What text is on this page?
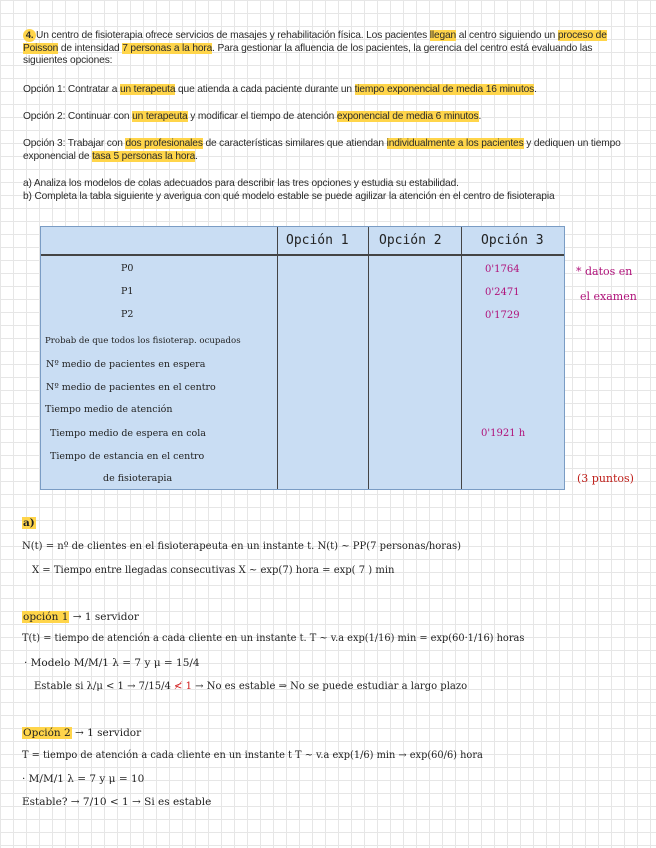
4. Un centro de fisioterapia ofrece servicios de masajes y rehabilitación física. Los pacientes llegan al centro siguiendo un proceso de Poisson de intensidad 7 personas a la hora. Para gestionar la afluencia de los pacientes, la gerencia del centro está evaluando las siguientes opciones:
Opción 1: Contratar a un terapeuta que atienda a cada paciente durante un tiempo exponencial de media 16 minutos.
Opción 2: Continuar con un terapeuta y modificar el tiempo de atención exponencial de media 6 minutos.
Opción 3: Trabajar con dos profesionales de características similares que atiendan individualmente a los pacientes y dediquen un tiempo exponencial de tasa 5 personas la hora.
a) Analiza los modelos de colas adecuados para describir las tres opciones y estudia su estabilidad.
b) Completa la tabla siguiente y averigua con qué modelo estable se puede agilizar la atención en el centro de fisioterapia
Opción 1 Opción 2	Opción 3
P0
P1
P2
Probab de que todos los fisioterap. ocupados
Nº medio de pacientes en espera
Nº medio de pacientes en el centro
Tiempo medio de atención
Tiempo medio de espera en cola
Tiempo de estancia en el centro
de fisioterapia
0'1764
0'2471
0'1729
0'1921 h
* datos en
el examen
(3 puntos)
a)
N(t) = nº de clientes en el fisioterapeuta en un instante t. N(t) ~ PP(7 personas/horas)
X = Tiempo entre llegadas consecutivas X ~ exp(7) hora = exp( 7 ) min
opción 1 → 1 servidor
T(t) = tiempo de atención a cada cliente en un instante t. T ~ v.a exp(1/16) min = exp(60·1/16) horas
· Modelo M/M/1 λ = 7 y μ = 15/4
Estable si λ/μ < 1 → 7/15/4 ≮ 1 → No es estable ⇒ No se puede estudiar a largo plazo
Opción 2 → 1 servidor
T = tiempo de atención a cada cliente en un instante t T ~ v.a exp(1/6) min → exp(60/6) hora
· M/M/1 λ = 7 y μ = 10
Estable? → 7/10 < 1 → Si es estable
